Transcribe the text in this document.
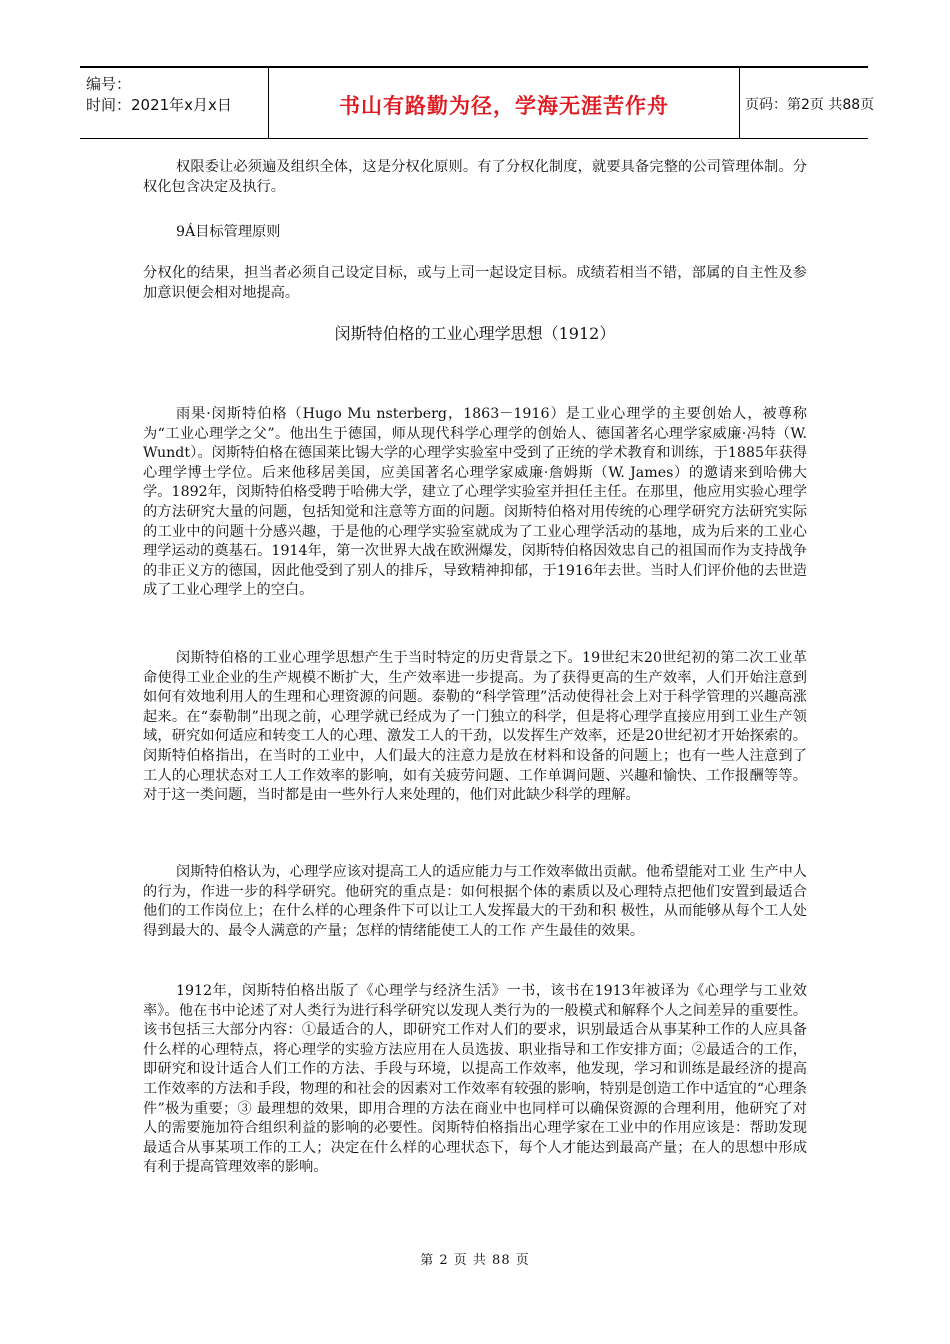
编号：
时间：2021年x月x日	书山有路勤为径，学海无涯苦作舟	页码：第2页 共88页

权限委让必须遍及组织全体，这是分权化原则。有了分权化制度，就要具备完整的公司管理体制。分权化包含决定及执行。

9Á目标管理原则

分权化的结果，担当者必须自己设定目标，或与上司一起设定目标。成绩若相当不错，部属的自主性及参加意识便会相对地提高。

闵斯特伯格的工业心理学思想（1912）

雨果·闵斯特伯格（Hugo Mu nsterberg，1863－1916）是工业心理学的主要创始人，被尊称为“工业心理学之父”。他出生于德国，师从现代科学心理学的创始人、德国著名心理学家威廉·冯特（W. Wundt）。闵斯特伯格在德国莱比锡大学的心理学实验室中受到了正统的学术教育和训练，于1885年获得心理学博士学位。后来他移居美国，应美国著名心理学家威廉·詹姆斯（W. James）的邀请来到哈佛大学。1892年，闵斯特伯格受聘于哈佛大学，建立了心理学实验室并担任主任。在那里，他应用实验心理学的方法研究大量的问题，包括知觉和注意等方面的问题。闵斯特伯格对用传统的心理学研究方法研究实际的工业中的问题十分感兴趣，于是他的心理学实验室就成为了工业心理学活动的基地，成为后来的工业心理学运动的奠基石。1914年，第一次世界大战在欧洲爆发，闵斯特伯格因效忠自己的祖国而作为支持战争的非正义方的德国，因此他受到了别人的排斥，导致精神抑郁，于1916年去世。当时人们评价他的去世造成了工业心理学上的空白。

闵斯特伯格的工业心理学思想产生于当时特定的历史背景之下。19世纪末20世纪初的第二次工业革命使得工业企业的生产规模不断扩大，生产效率进一步提高。为了获得更高的生产效率，人们开始注意到如何有效地利用人的生理和心理资源的问题。泰勒的“科学管理”活动使得社会上对于科学管理的兴趣高涨起来。在“泰勒制”出现之前，心理学就已经成为了一门独立的科学，但是将心理学直接应用到工业生产领域，研究如何适应和转变工人的心理、激发工人的干劲，以发挥生产效率，还是20世纪初才开始探索的。闵斯特伯格指出，在当时的工业中，人们最大的注意力是放在材料和设备的问题上；也有一些人注意到了工人的心理状态对工人工作效率的影响，如有关疲劳问题、工作单调问题、兴趣和愉快、工作报酬等等。对于这一类问题，当时都是由一些外行人来处理的，他们对此缺少科学的理解。

闵斯特伯格认为，心理学应该对提高工人的适应能力与工作效率做出贡献。他希望能对工业 生产中人的行为，作进一步的科学研究。他研究的重点是：如何根据个体的素质以及心理特点把他们安置到最适合他们的工作岗位上；在什么样的心理条件下可以让工人发挥最大的干劲和积 极性，从而能够从每个工人处得到最大的、最令人满意的产量；怎样的情绪能使工人的工作 产生最佳的效果。

1912年，闵斯特伯格出版了《心理学与经济生活》一书，该书在1913年被译为《心理学与工业效率》。他在书中论述了对人类行为进行科学研究以发现人类行为的一般模式和解释个人之间差异的重要性。该书包括三大部分内容：①最适合的人，即研究工作对人们的要求，识别最适合从事某种工作的人应具备什么样的心理特点，将心理学的实验方法应用在人员选拔、职业指导和工作安排方面；②最适合的工作，即研究和设计适合人们工作的方法、手段与环境，以提高工作效率，他发现，学习和训练是最经济的提高工作效率的方法和手段，物理的和社会的因素对工作效率有较强的影响，特别是创造工作中适宜的“心理条件”极为重要；③ 最理想的效果，即用合理的方法在商业中也同样可以确保资源的合理利用，他研究了对人的需要施加符合组织利益的影响的必要性。闵斯特伯格指出心理学家在工业中的作用应该是：帮助发现最适合从事某项工作的工人；决定在什么样的心理状态下，每个人才能达到最高产量；在人的思想中形成有利于提高管理效率的影响。

第 2 页 共 88 页
